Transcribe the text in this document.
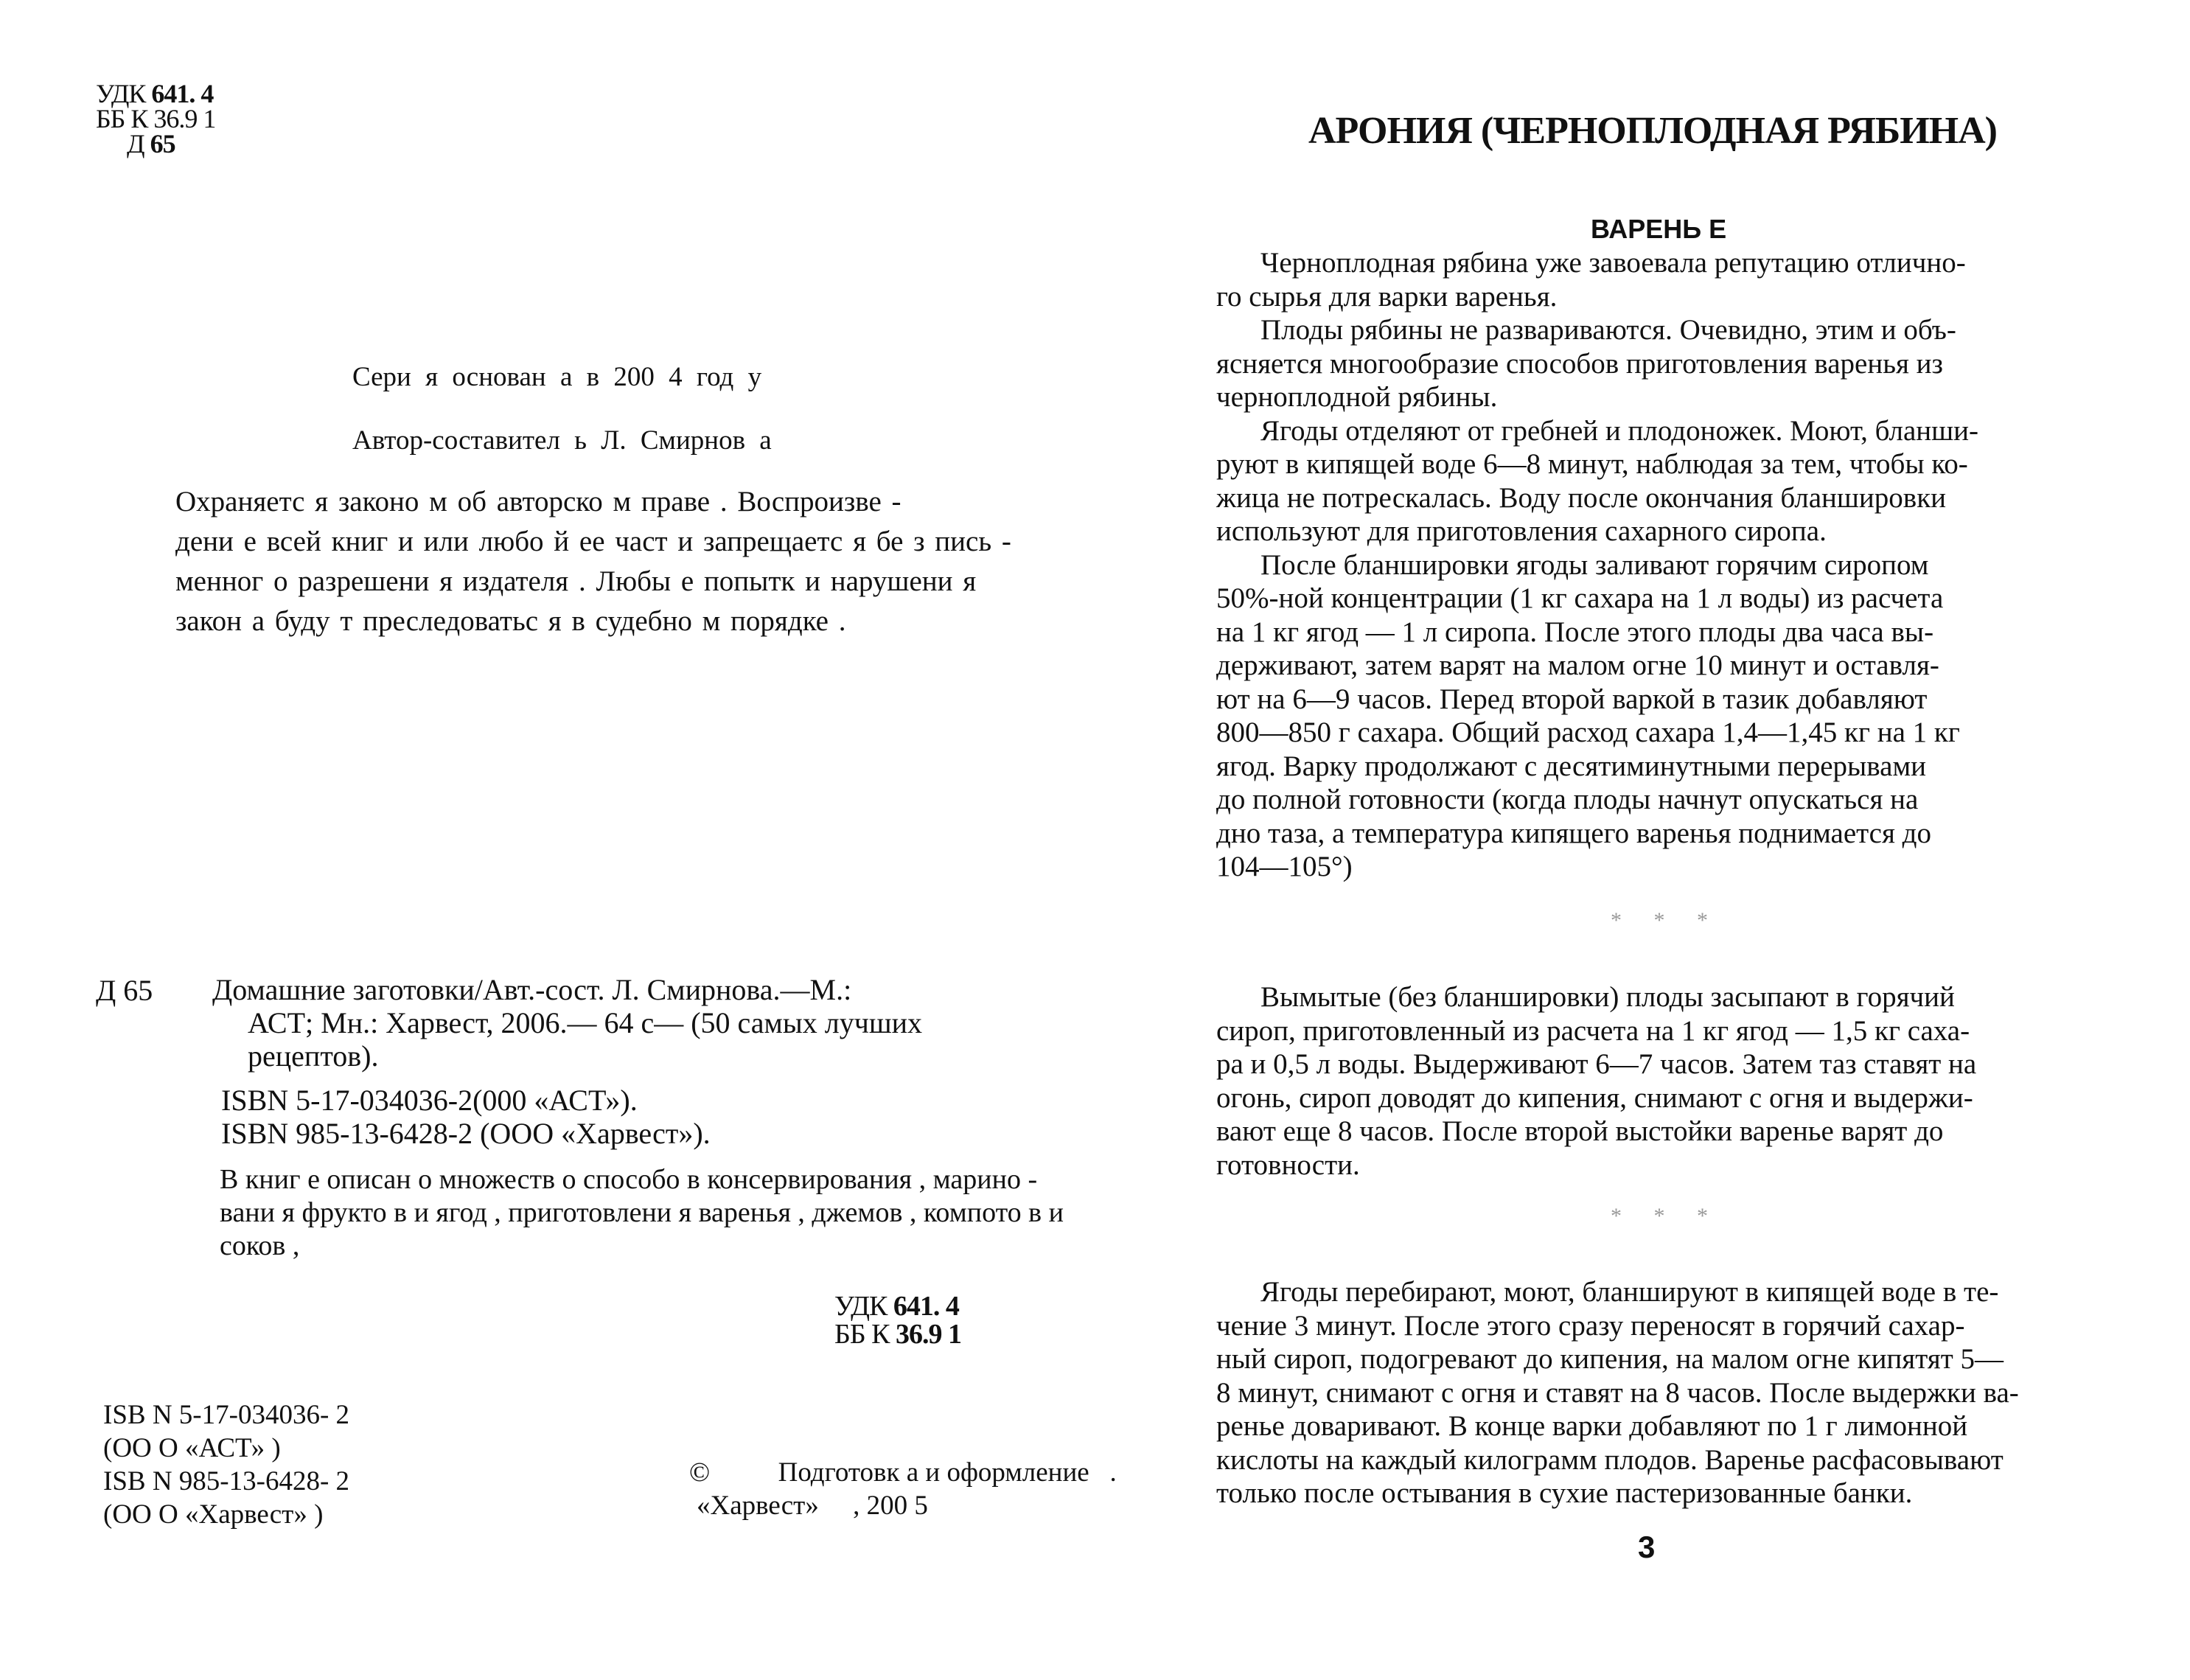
УДК 641. 4
ББ К 36.9 1
Д 65
Сери я основан а в 200 4 год у
Автор-составител ь Л. Смирнов а
Охраняетс я законо м об авторско м праве . Воспроизве -
дени е всей книг и или любо й ее част и запрещаетс я бе з пись -
менног о разрешени я издателя . Любы е попытк и нарушени я
закон а буду т преследоватьс я в судебно м порядке .
Д 65 Домашние заготовки/Авт.-сост. Л. Смирнова.—М.:
АСТ; Мн.: Харвест, 2006.— 64 с— (50 самых лучших
рецептов).
ISBN 5-17-034036-2(000 «АСТ»).
ISBN 985-13-6428-2 (ООО «Харвест»).
В книг е описан о множеств о способо в консервирования , марино -
вани я фрукто в и ягод , приготовлени я варенья , джемов , компото в и
соков ,
УДК 641. 4
ББ К 36.9 1
ISB N 5-17-034036- 2
(ОО О «АСТ» )
ISB N 985-13-6428- 2
(ОО О «Харвест» )
©          Подготовк а и оформление   .
«Харвест»     , 200 5
АРОНИЯ (ЧЕРНОПЛОДНАЯ РЯБИНА)
ВАРЕНЬ Е
Черноплодная рябина уже завоевала репутацию отлично-
го сырья для варки варенья.
Плоды рябины не развариваются. Очевидно, этим и объ-
ясняется многообразие способов приготовления варенья из
черноплодной рябины.
Ягоды отделяют от гребней и плодоножек. Моют, бланши-
руют в кипящей воде 6—8 минут, наблюдая за тем, чтобы ко-
жица не потрескалась. Воду после окончания бланшировки
используют для приготовления сахарного сиропа.
После бланшировки ягоды заливают горячим сиропом
50%-ной концентрации (1 кг сахара на 1 л воды) из расчета
на 1 кг ягод — 1 л сиропа. После этого плоды два часа вы-
держивают, затем варят на малом огне 10 минут и оставля-
ют на 6—9 часов. Перед второй варкой в тазик добавляют
800—850 г сахара. Общий расход сахара 1,4—1,45 кг на 1 кг
ягод. Варку продолжают с десятиминутными перерывами
до полной готовности (когда плоды начнут опускаться на
дно таза, а температура кипящего варенья поднимается до
104—105°)
* * *
Вымытые (без бланшировки) плоды засыпают в горячий
сироп, приготовленный из расчета на 1 кг ягод — 1,5 кг саха-
ра и 0,5 л воды. Выдерживают 6—7 часов. Затем таз ставят на
огонь, сироп доводят до кипения, снимают с огня и выдержи-
вают еще 8 часов. После второй выстойки варенье варят до
готовности.
* * *
Ягоды перебирают, моют, бланшируют в кипящей воде в те-
чение 3 минут. После этого сразу переносят в горячий сахар-
ный сироп, подогревают до кипения, на малом огне кипятят 5—
8 минут, снимают с огня и ставят на 8 часов. После выдержки ва-
ренье доваривают. В конце варки добавляют по 1 г лимонной
кислоты на каждый килограмм плодов. Варенье расфасовывают
только после остывания в сухие пастеризованные банки.
3
